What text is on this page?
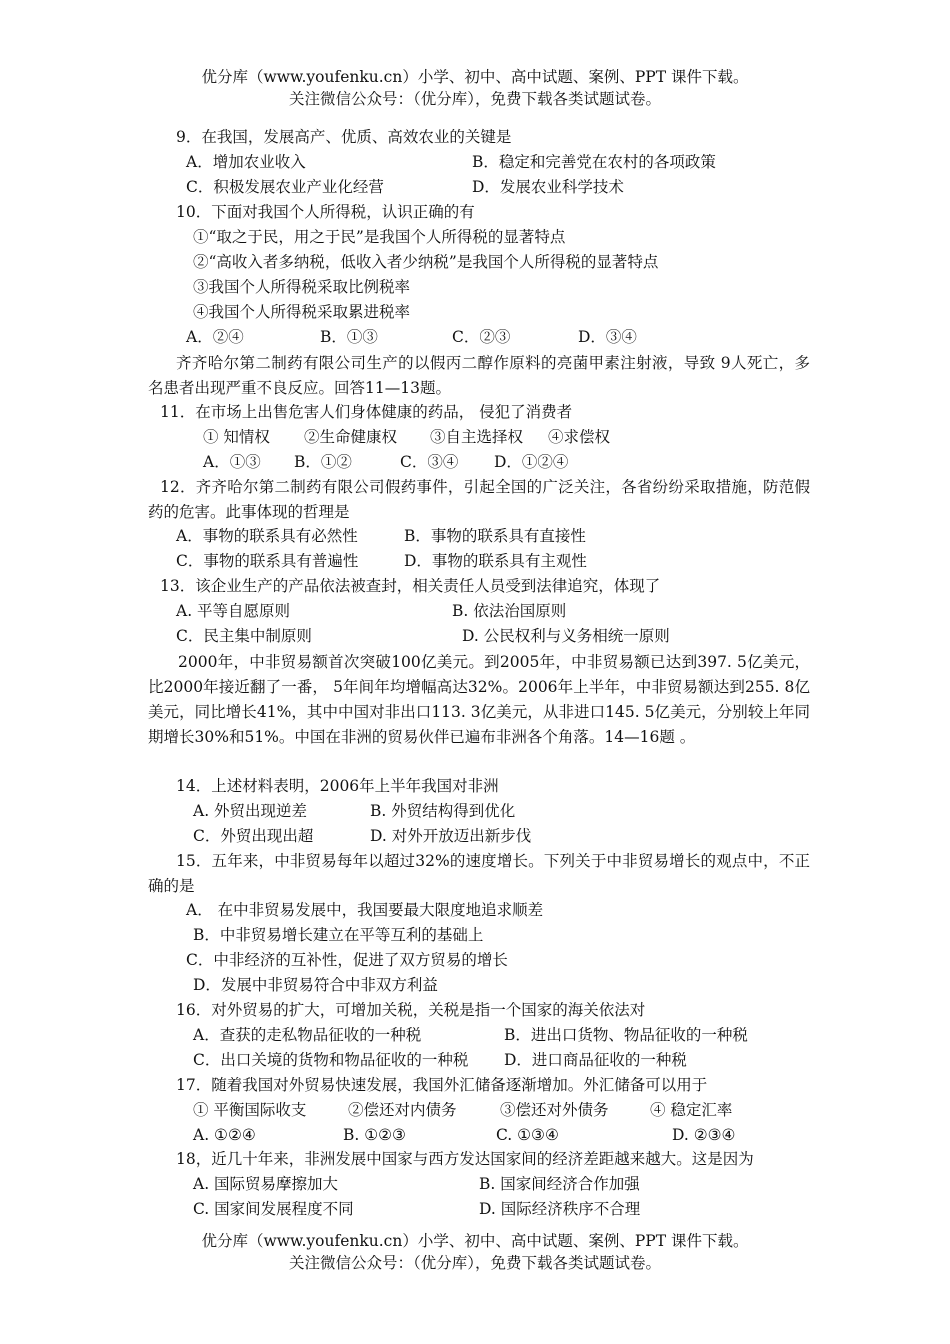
优分库（www.youfenku.cn）小学、初中、高中试题、案例、PPT 课件下载。
关注微信公众号：（优分库），免费下载各类试题试卷。
9．在我国，发展高产、优质、高效农业的关键是
A．增加农业收入	B．稳定和完善党在农村的各项政策
C．积极发展农业产业化经营	D．发展农业科学技术
10．下面对我国个人所得税，认识正确的有
①“取之于民，用之于民”是我国个人所得税的显著特点
②“高收入者多纳税，低收入者少纳税”是我国个人所得税的显著特点
③我国个人所得税采取比例税率
④我国个人所得税采取累进税率
A．②④	B．①③	C．②③	D．③④
齐齐哈尔第二制药有限公司生产的以假丙二醇作原料的亮菌甲素注射液，导致 9人死亡，多名患者出现严重不良反应。回答11—13题。
11．在市场上出售危害人们身体健康的药品， 侵犯了消费者
① 知情权 ②生命健康权 ③自主选择权 ④求偿权
A．①③ B．①②	C．③④ D．①②④
12．齐齐哈尔第二制药有限公司假药事件，引起全国的广泛关注，各省纷纷采取措施，防范假药的危害。此事体现的哲理是
A．事物的联系具有必然性	B．事物的联系具有直接性
C．事物的联系具有普遍性	D．事物的联系具有主观性
13．该企业生产的产品依法被查封，相关责任人员受到法律追究，体现了
A. 平等自愿原则	B. 依法治国原则
C．民主集中制原则	D. 公民权利与义务相统一原则
2000年，中非贸易额首次突破100亿美元。到2005年，中非贸易额已达到397. 5亿美元，比2000年接近翻了一番， 5年间年均增幅高达32%。2006年上半年，中非贸易额达到255. 8亿美元，同比增长41%，其中中国对非出口113. 3亿美元，从非进口145. 5亿美元，分别较上年同期增长30%和51%。中国在非洲的贸易伙伴已遍布非洲各个角落。14—16题 。
14．上述材料表明，2006年上半年我国对非洲
A. 外贸出现逆差	B. 外贸结构得到优化
C．外贸出现出超	D. 对外开放迈出新步伐
15．五年来，中非贸易每年以超过32%的速度增长。下列关于中非贸易增长的观点中，不正确的是
A． 在中非贸易发展中，我国要最大限度地追求顺差
B．中非贸易增长建立在平等互利的基础上
C．中非经济的互补性，促进了双方贸易的增长
D．发展中非贸易符合中非双方利益
16．对外贸易的扩大，可增加关税，关税是指一个国家的海关依法对
A．查获的走私物品征收的一种税	B．进出口货物、物品征收的一种税
C．出口关境的货物和物品征收的一种税 D．进口商品征收的一种税
17．随着我国对外贸易快速发展，我国外汇储备逐渐增加。外汇储备可以用于
① 平衡国际收支	②偿还对内债务	③偿还对外债务	④ 稳定汇率
A. ①②④	B. ①②③	C. ①③④	D. ②③④
18，近几十年来，非洲发展中国家与西方发达国家间的经济差距越来越大。这是因为
A. 国际贸易摩擦加大	B. 国家间经济合作加强
C. 国家间发展程度不同	D. 国际经济秩序不合理
优分库（www.youfenku.cn）小学、初中、高中试题、案例、PPT 课件下载。
关注微信公众号：（优分库），免费下载各类试题试卷。
